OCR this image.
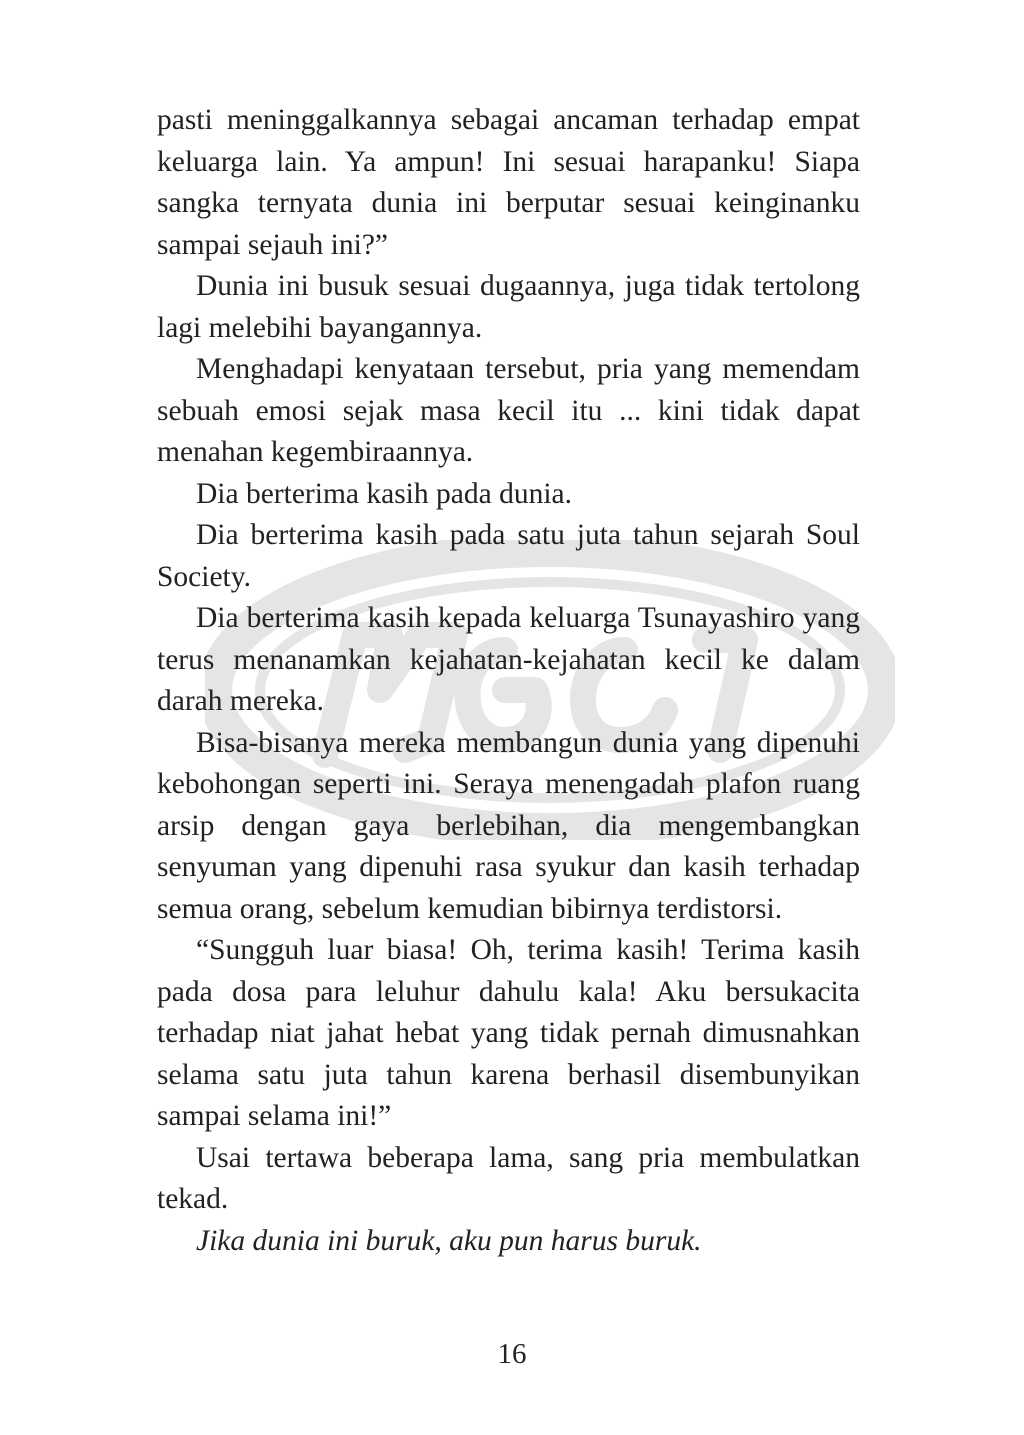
pasti meninggalkannya sebagai ancaman terhadap empat keluarga lain. Ya ampun! Ini sesuai harapanku! Siapa sangka ternyata dunia ini berputar sesuai keinginanku sampai sejauh ini?”

Dunia ini busuk sesuai dugaannya, juga tidak tertolong lagi melebihi bayangannya.

Menghadapi kenyataan tersebut, pria yang memendam sebuah emosi sejak masa kecil itu ... kini tidak dapat menahan kegembiraannya.

Dia berterima kasih pada dunia.

Dia berterima kasih pada satu juta tahun sejarah Soul Society.

Dia berterima kasih kepada keluarga Tsunayashiro yang terus menanamkan kejahatan-kejahatan kecil ke dalam darah mereka.

Bisa-bisanya mereka membangun dunia yang dipenuhi kebohongan seperti ini. Seraya menengadah plafon ruang arsip dengan gaya berlebihan, dia mengembangkan senyuman yang dipenuhi rasa syukur dan kasih terhadap semua orang, sebelum kemudian bibirnya terdistorsi.

“Sungguh luar biasa! Oh, terima kasih! Terima kasih pada dosa para leluhur dahulu kala! Aku bersukacita terhadap niat jahat hebat yang tidak pernah dimusnahkan selama satu juta tahun karena berhasil disembunyikan sampai selama ini!”

Usai tertawa beberapa lama, sang pria membulatkan tekad.

Jika dunia ini buruk, aku pun harus buruk.

16
